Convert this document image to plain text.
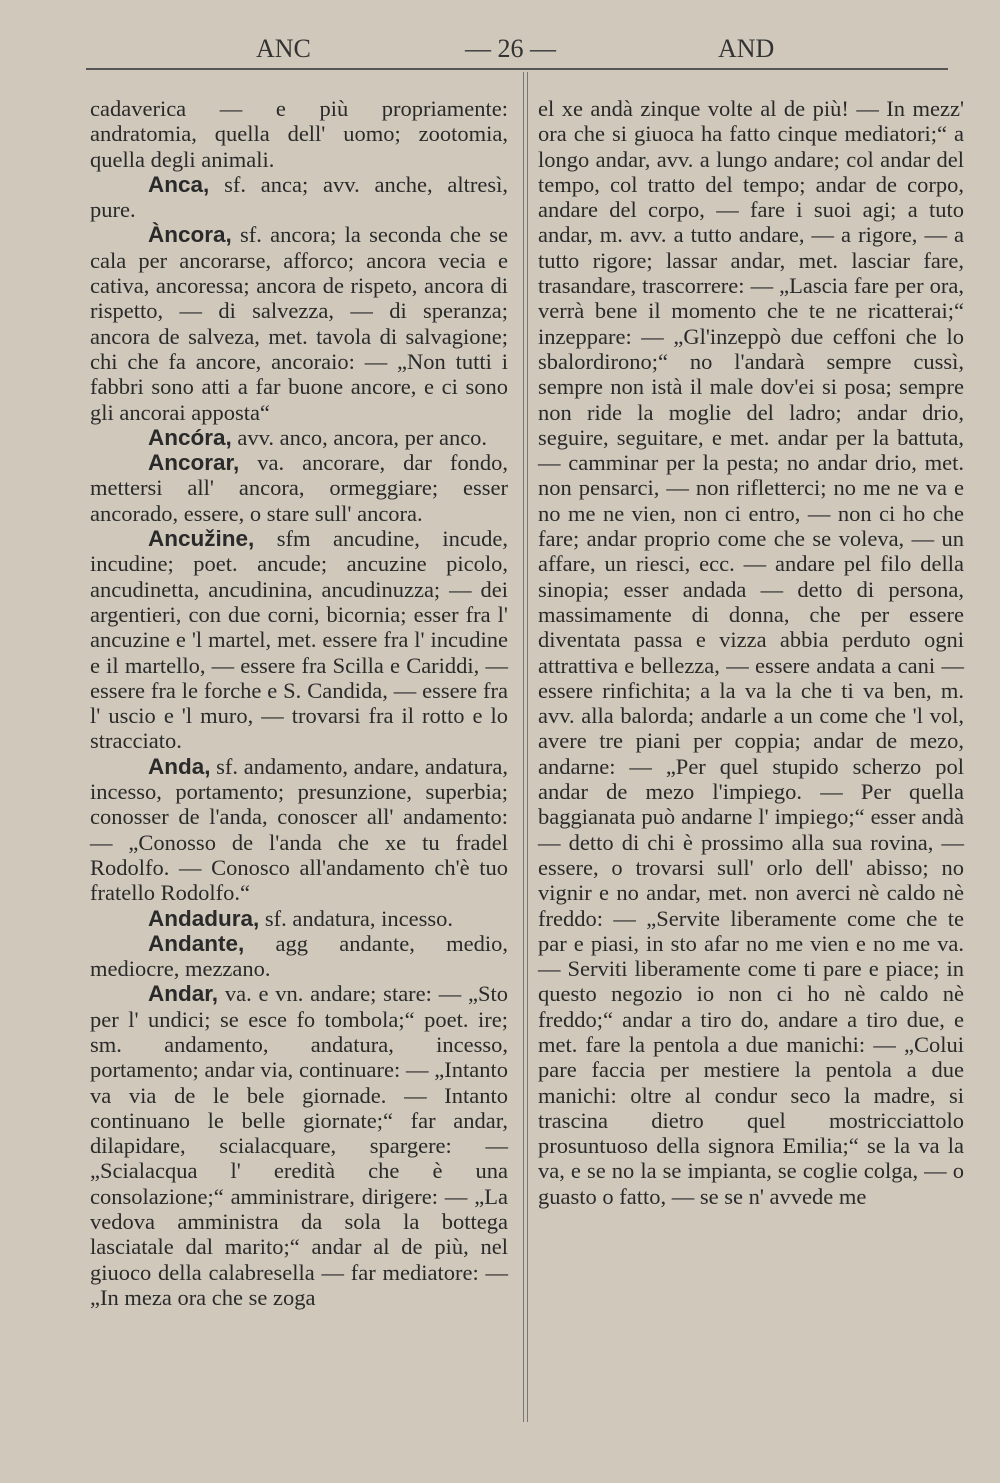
ANC	— 26 —	AND

cadaverica — e più propriamente: andratomia, quella dell' uomo; zootomia, quella degli animali.

Anca, sf. anca; avv. anche, altresì, pure.

Àncora, sf. ancora; la seconda che se cala per ancorarse, afforco; ancora vecia e cativa, ancoressa; ancora de rispeto, ancora di rispetto, — di salvezza, — di speranza; ancora de salveza, met. tavola di salvagione; chi che fa ancore, ancoraio: — „Non tutti i fabbri sono atti a far buone ancore, e ci sono gli ancorai apposta“

Ancóra, avv. anco, ancora, per anco.

Ancorar, va. ancorare, dar fondo, mettersi all' ancora, ormeggiare; esser ancorado, essere, o stare sull' ancora.

Ancužine, sfm ancudine, incude, incudine; poet. ancude; ancuzine picolo, ancudinetta, ancudinina, ancudinuzza; — dei argentieri, con due corni, bicornia; esser fra l' ancuzine e 'l martel, met. essere fra l' incudine e il martello, — essere fra Scilla e Cariddi, — essere fra le forche e S. Candida, — essere fra l' uscio e 'l muro, — trovarsi fra il rotto e lo stracciato.

Anda, sf. andamento, andare, andatura, incesso, portamento; presunzione, superbia; conosser de l'anda, conoscer all' andamento: — „Conosso de l'anda che xe tu fradel Rodolfo. — Conosco all'andamento ch'è tuo fratello Rodolfo.“

Andadura, sf. andatura, incesso.

Andante, agg andante, medio, mediocre, mezzano.

Andar, va. e vn. andare; stare: — „Sto per l' undici; se esce fo tombola;“ poet. ire; sm. andamento, andatura, incesso, portamento; andar via, continuare: — „Intanto va via de le bele giornade. — Intanto continuano le belle giornate;“ far andar, dilapidare, scialacquare, spargere: — „Scialacqua l' eredità che è una consolazione;“ amministrare, dirigere: — „La vedova amministra da sola la bottega lasciatale dal marito;“ andar al de più, nel giuoco della calabresella — far mediatore: — „In meza ora che se zoga

el xe andà zinque volte al de più! — In mezz' ora che si giuoca ha fatto cinque mediatori;“ a longo andar, avv. a lungo andare; col andar del tempo, col tratto del tempo; andar de corpo, andare del corpo, — fare i suoi agi; a tuto andar, m. avv. a tutto andare, — a rigore, — a tutto rigore; lassar andar, met. lasciar fare, trasandare, trascorrere: — „Lascia fare per ora, verrà bene il momento che te ne ricatterai;“ inzeppare: — „Gl'inzeppò due ceffoni che lo sbalordirono;“ no l'andarà sempre cussì, sempre non istà il male dov'ei si posa; sempre non ride la moglie del ladro; andar drio, seguire, seguitare, e met. andar per la battuta, — camminar per la pesta; no andar drio, met. non pensarci, — non rifletterci; no me ne va e no me ne vien, non ci entro, — non ci ho che fare; andar proprio come che se voleva, — un affare, un riesci, ecc. — andare pel filo della sinopia; esser andada — detto di persona, massimamente di donna, che per essere diventata passa e vizza abbia perduto ogni attrattiva e bellezza, — essere andata a cani — essere rinfichita; a la va la che ti va ben, m. avv. alla balorda; andarle a un come che 'l vol, avere tre piani per coppia; andar de mezo, andarne: — „Per quel stupido scherzo pol andar de mezo l'impiego. — Per quella baggianata può andarne l' impiego;“ esser andà — detto di chi è prossimo alla sua rovina, — essere, o trovarsi sull' orlo dell' abisso; no vignir e no andar, met. non averci nè caldo nè freddo: — „Servite liberamente come che te par e piasi, in sto afar no me vien e no me va. — Serviti liberamente come ti pare e piace; in questo negozio io non ci ho nè caldo nè freddo;“ andar a tiro do, andare a tiro due, e met. fare la pentola a due manichi: — „Colui pare faccia per mestiere la pentola a due manichi: oltre al condur seco la madre, si trascina dietro quel mostricciattolo prosuntuoso della signora Emilia;“ se la va la va, e se no la se impianta, se coglie colga, — o guasto o fatto, — se se n' avvede me
